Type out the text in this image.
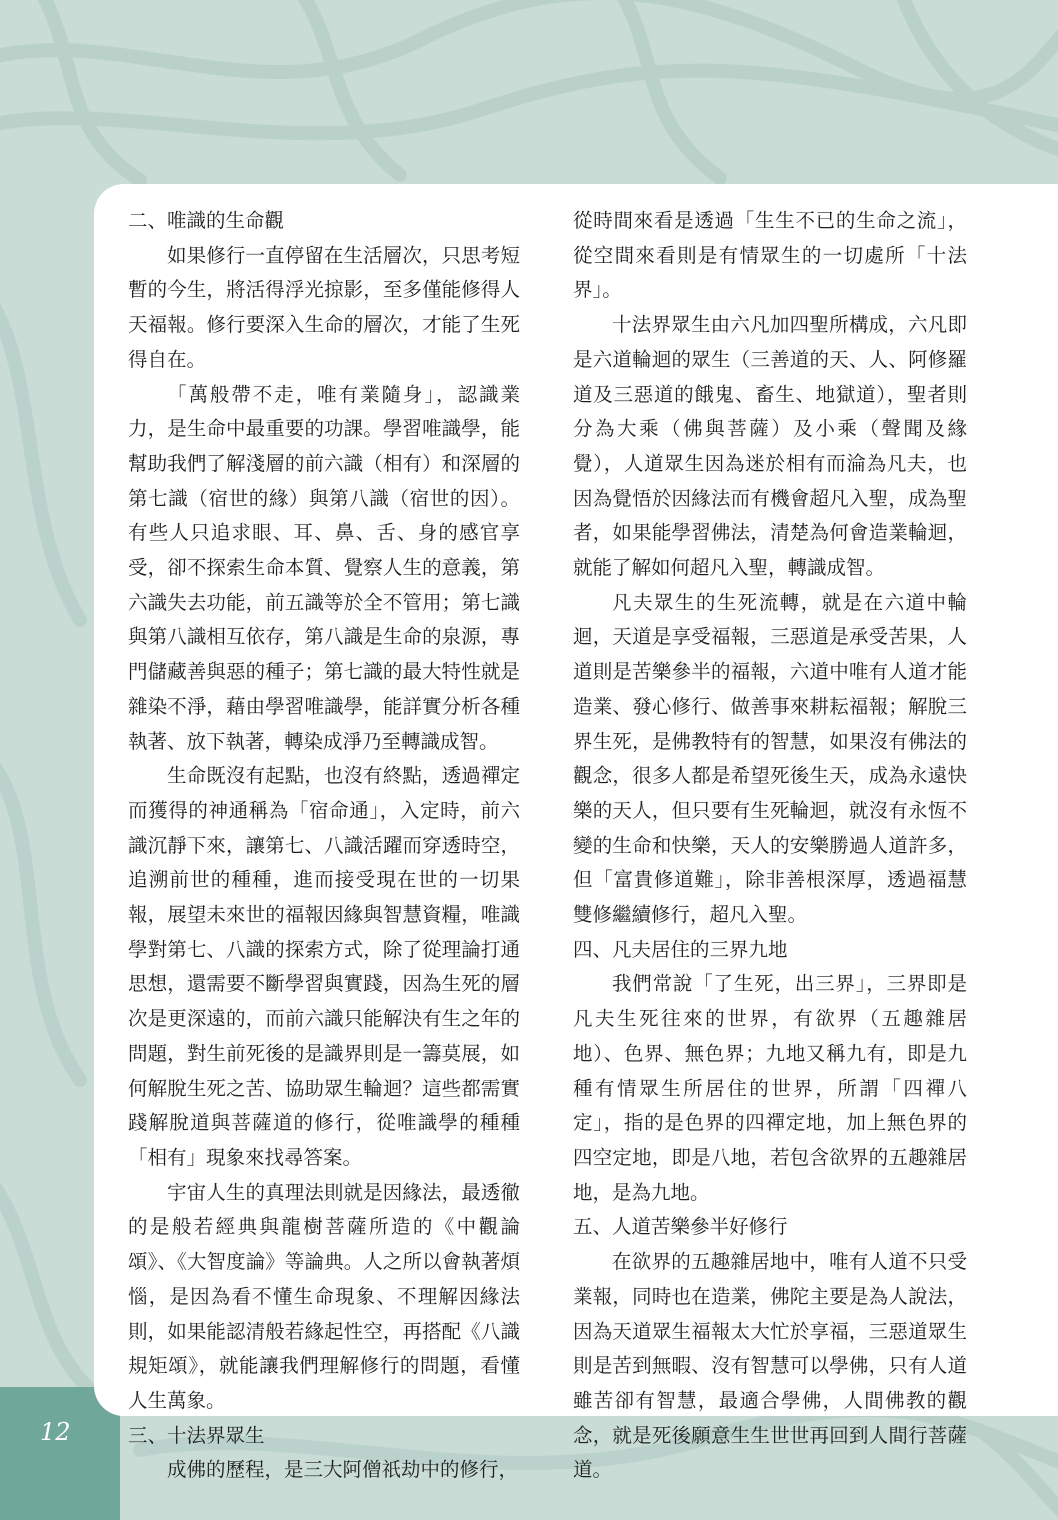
12
二、唯識的生命觀

如果修行一直停留在生活層次，只思考短暫的今生，將活得浮光掠影，至多僅能修得人天福報。修行要深入生命的層次，才能了生死得自在。

「萬般帶不走，唯有業隨身」，認識業力，是生命中最重要的功課。學習唯識學，能幫助我們了解淺層的前六識（相有）和深層的第七識（宿世的緣）與第八識（宿世的因）。有些人只追求眼、耳、鼻、舌、身的感官享受，卻不探索生命本質、覺察人生的意義，第六識失去功能，前五識等於全不管用；第七識與第八識相互依存，第八識是生命的泉源，專門儲藏善與惡的種子；第七識的最大特性就是雜染不淨，藉由學習唯識學，能詳實分析各種執著、放下執著，轉染成淨乃至轉識成智。

生命既沒有起點，也沒有終點，透過禪定而獲得的神通稱為「宿命通」，入定時，前六識沉靜下來，讓第七、八識活躍而穿透時空，追溯前世的種種，進而接受現在世的一切果報，展望未來世的福報因緣與智慧資糧，唯識學對第七、八識的探索方式，除了從理論打通思想，還需要不斷學習與實踐，因為生死的層次是更深遠的，而前六識只能解決有生之年的問題，對生前死後的是識界則是一籌莫展，如何解脫生死之苦、協助眾生輪迴？這些都需實踐解脫道與菩薩道的修行，從唯識學的種種「相有」現象來找尋答案。

宇宙人生的真理法則就是因緣法，最透徹的是般若經典與龍樹菩薩所造的《中觀論頌》、《大智度論》等論典。人之所以會執著煩惱，是因為看不懂生命現象、不理解因緣法則，如果能認清般若緣起性空，再搭配《八識規矩頌》，就能讓我們理解修行的問題，看懂人生萬象。

三、十法界眾生

成佛的歷程，是三大阿僧祇劫中的修行，

從時間來看是透過「生生不已的生命之流」，從空間來看則是有情眾生的一切處所「十法界」。

十法界眾生由六凡加四聖所構成，六凡即是六道輪迴的眾生（三善道的天、人、阿修羅道及三惡道的餓鬼、畜生、地獄道），聖者則分為大乘（佛與菩薩）及小乘（聲聞及緣覺），人道眾生因為迷於相有而淪為凡夫，也因為覺悟於因緣法而有機會超凡入聖，成為聖者，如果能學習佛法，清楚為何會造業輪迴，就能了解如何超凡入聖，轉識成智。

凡夫眾生的生死流轉，就是在六道中輪迴，天道是享受福報，三惡道是承受苦果，人道則是苦樂參半的福報，六道中唯有人道才能造業、發心修行、做善事來耕耘福報；解脫三界生死，是佛教特有的智慧，如果沒有佛法的觀念，很多人都是希望死後生天，成為永遠快樂的天人，但只要有生死輪迴，就沒有永恆不變的生命和快樂，天人的安樂勝過人道許多，但「富貴修道難」，除非善根深厚，透過福慧雙修繼續修行，超凡入聖。

四、凡夫居住的三界九地

我們常說「了生死，出三界」，三界即是凡夫生死往來的世界，有欲界（五趣雜居地）、色界、無色界；九地又稱九有，即是九種有情眾生所居住的世界，所謂「四禪八定」，指的是色界的四禪定地，加上無色界的四空定地，即是八地，若包含欲界的五趣雜居地，是為九地。

五、人道苦樂參半好修行

在欲界的五趣雜居地中，唯有人道不只受業報，同時也在造業，佛陀主要是為人說法，因為天道眾生福報太大忙於享福，三惡道眾生則是苦到無暇、沒有智慧可以學佛，只有人道雖苦卻有智慧，最適合學佛，人間佛教的觀念，就是死後願意生生世世再回到人間行菩薩道。
